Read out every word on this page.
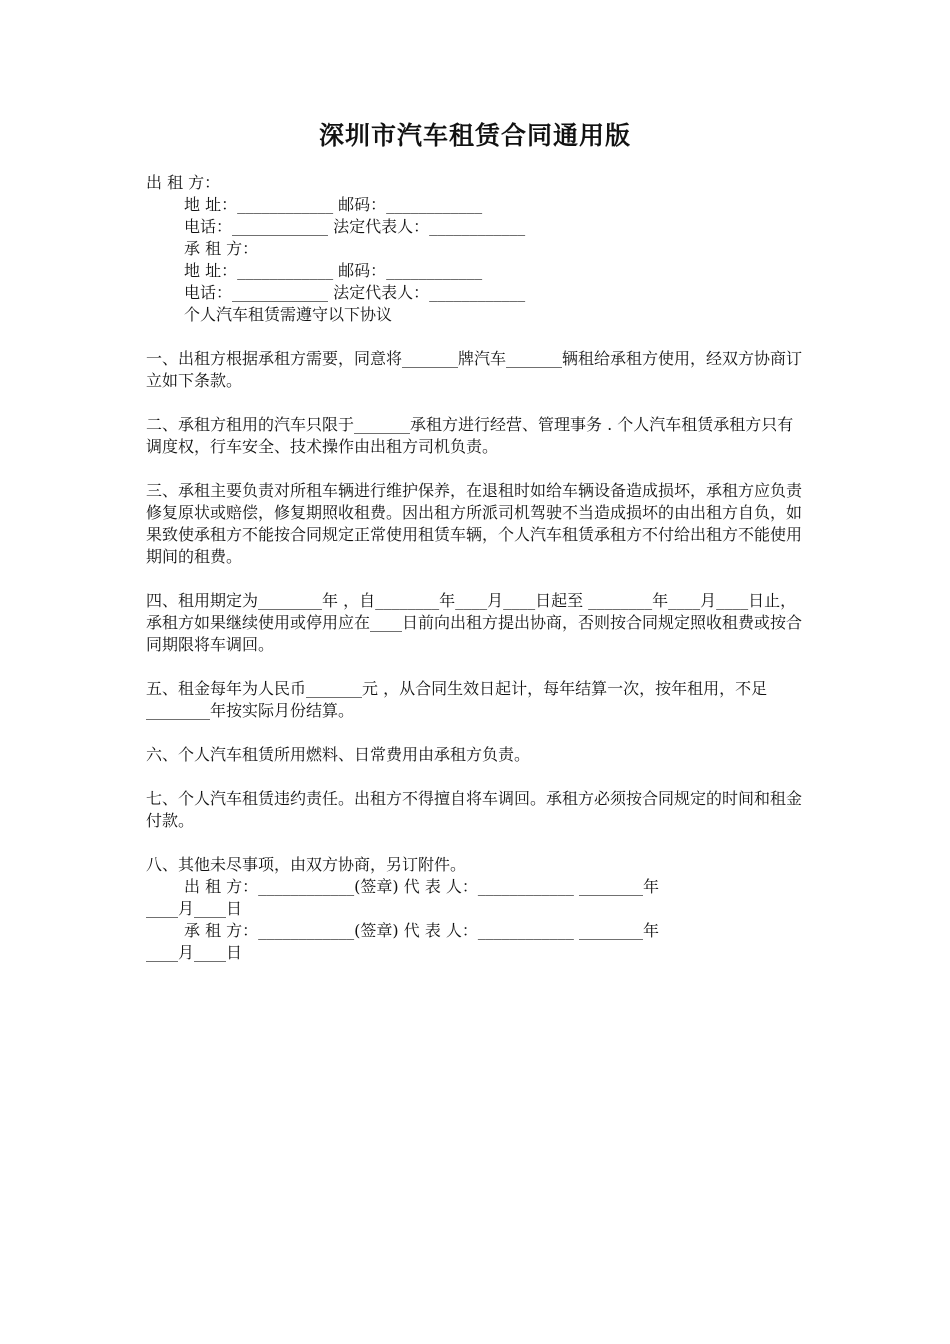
深圳市汽车租赁合同通用版
出 租 方：
地 址：____________ 邮码：____________
电话：____________ 法定代表人：____________
承 租 方：
地 址：____________ 邮码：____________
电话：____________ 法定代表人：____________
个人汽车租赁需遵守以下协议
一、出租方根据承租方需要，同意将_______牌汽车_______辆租给承租方使用，经双方协商订立如下条款。
二、承租方租用的汽车只限于_______承租方进行经营、管理事务 . 个人汽车租赁承租方只有调度权，行车安全、技术操作由出租方司机负责。
三、承租主要负责对所租车辆进行维护保养，在退租时如给车辆设备造成损坏，承租方应负责修复原状或赔偿，修复期照收租费。因出租方所派司机驾驶不当造成损坏的由出租方自负，如果致使承租方不能按合同规定正常使用租赁车辆，个人汽车租赁承租方不付给出租方不能使用期间的租费。
四、租用期定为________年 ，自________年____月____日起至 ________年____月____日止，承租方如果继续使用或停用应在____日前向出租方提出协商，否则按合同规定照收租费或按合同期限将车调回。
五、租金每年为人民币_______元 ，从合同生效日起计，每年结算一次，按年租用，不足________年按实际月份结算。
六、个人汽车租赁所用燃料、日常费用由承租方负责。
七、个人汽车租赁违约责任。出租方不得擅自将车调回。承租方必须按合同规定的时间和租金付款。
八、其他未尽事项，由双方协商，另订附件。
出 租 方：____________(签章) 代 表 人：____________ ________年
____月____日
承 租 方：____________(签章) 代 表 人：____________ ________年
____月____日
